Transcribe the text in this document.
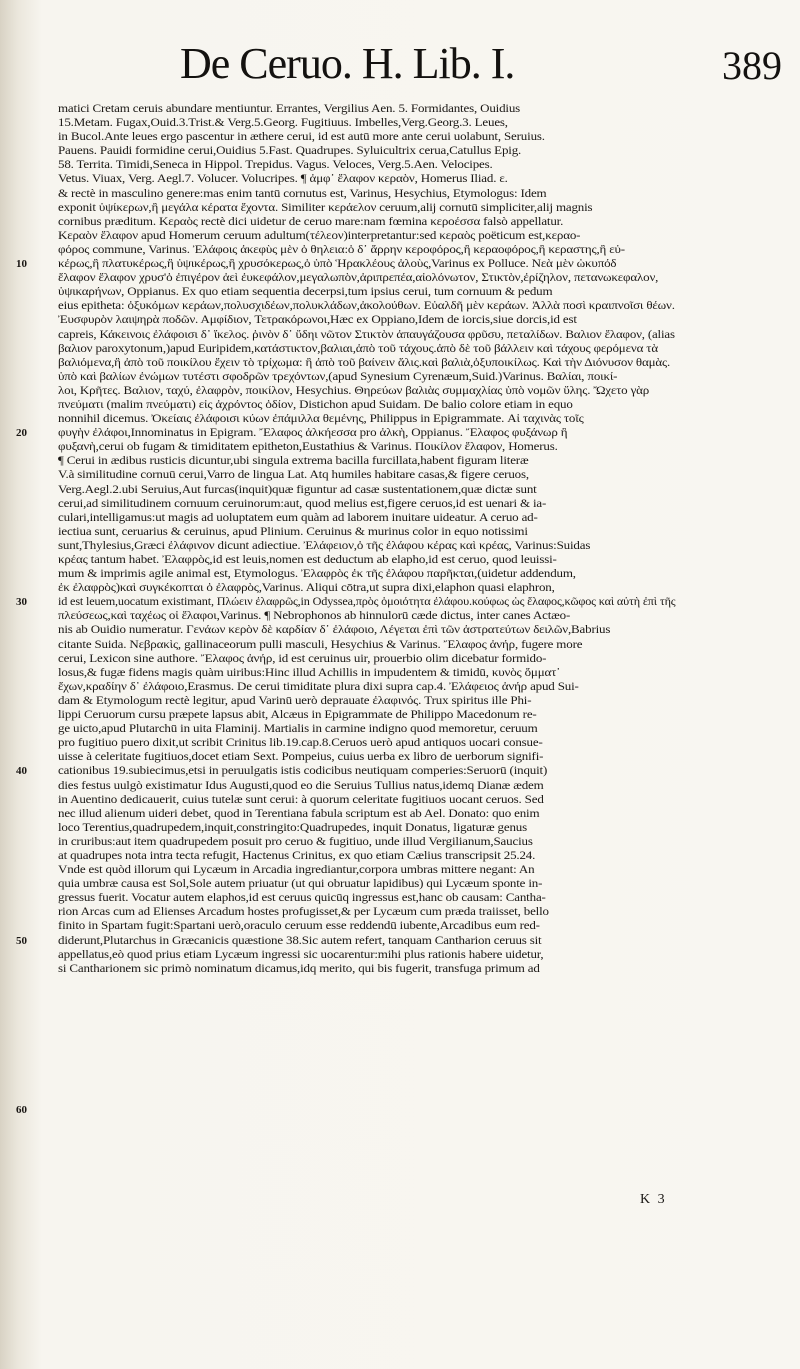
De Ceruo. H. Lib. I.	389
10
20
30
40
50
60
matici Cretam ceruis abundare mentiuntur. Errantes, Vergilius Aen. 5. Formidantes, Ouidius
15.Metam. Fugax,Ouid.3.Trist.& Verg.5.Georg. Fugitiuus. Imbelles,Verg.Georg.3. Leues,
in Bucol.Ante leues ergo pascentur in æthere cerui, id est autū more ante cerui uolabunt, Seruius.
Pauens. Pauidi formidine cerui,Ouidius 5.Fast. Quadrupes. Syluicultrix cerua,Catullus Epig.
58. Territa. Timidi,Seneca in Hippol. Trepidus. Vagus. Veloces, Verg.5.Aen. Velocipes.
Vetus. Viuax, Verg. Aegl.7. Volucer. Volucripes. ¶ ἀμφ᾽ ἔλαφον κεραὸν, Homerus Iliad. ε.
& rectè in masculino genere:mas enim tantū cornutus est, Varinus, Hesychius, Etymologus: Idem
exponit ὑψίκερων,ἢ μεγάλα κέρατα ἔχοντα. Similiter κεράελον ceruum,alij cornutū simpliciter,alij magnis
cornibus præditum. Κεραὸς rectè dici uidetur de ceruo mare:nam fœmina κεροέσσα falsò appellatur.
Κεραὸν ἔλαφον apud Homerum ceruum adultum(τέλεον)interpretantur:sed κεραὸς poëticum est,κεραο-
φόρος commune, Varinus. Ἐλάφοις ἀκεφὺς μὲν ὁ θηλεια:ὁ δ᾽ ἄρρην κεροφόρος,ἢ κεραοφόρος,ἢ κεραστης,ἢ εὐ-
κέρως,ἢ πλατυκέρως,ἢ ὑψικέρως,ἢ χρυσόκερως,ὁ ὑπὸ Ἡρακλέους ἁλοὺς,Varinus ex Polluce. Νεὰ μὲν ὠκυπόδ
ἔλαφον ἔλαφον χρυσ'ὁ ἐπιγέρον ἀεὶ ἐυκεφάλον,μεγαλωπὸν,ἀριπρεπέα,αἰολόνωτον, Στικτὸν,ἐρίζηλον, πετανωκεφαλον,
ὑψικαρήνων, Oppianus. Ex quo etiam sequentia decerpsi,tum ipsius cerui, tum cornuum & pedum
eius epitheta: ὀξυκόμων κεράων,πολυσχιδέων,πολυκλάδων,ἀκολούθων. Εὐαλδῆ μὲν κεράων. Ἀλλὰ ποσὶ κραιπνοῖσι θέων.
Ἐυσφυρὸν λαιψηρὰ ποδῶν. Αμφίδιον, Τετρακόρωνοι,Hæc ex Oppiano,Idem de iorcis,siue dorcis,id est
capreis, Κάκεινοις ἐλάφοισι δ᾽ ἴκελος. ῥινὸν δ᾽ ὕδηι νῶτον Στικτὸν ἀπαυγάζουσα φρῦσυ, πεταλίδων. Βαλιον ἔλαφον, (alias
βαλιον paroxytonum,)apud Euripidem,κατάστικτον,βαλιαι,ἀπὸ τοῦ τάχους.ἀπὸ δὲ τοῦ βάλλειν καὶ τάχους φερόμενα τὰ
βαλιόμενα,ἢ ἀπὸ τοῦ ποικίλου ἔχειν τὸ τρίχωμα: ἢ ἀπὸ τοῦ βαίνειν ἅλις.καὶ βαλιὰ,ὀξυποικίλως. Καὶ τὴν Διόνυσον θαμὰς.
ὑπὸ καὶ βαλίων ἐνώμων τυτέστι σφοδρῶν τρεχόντων,(apud Synesium Cyrenæum,Suid.)Varinus. Βαλίαι, ποικί-
λοι, Κρῆτες. Βαλιον, ταχύ, ἐλαφρὸν, ποικίλον, Hesychius. Θηρεύων βαλιὰς συμμαχλίας ὑπὸ νομῶν ὕλης. Ὤχετο γὰρ
πνεύματι (malim πνεύματι) εἰς ἀχρόντος ὁδίον, Distichon apud Suidam. De balio colore etiam in equo
nonnihil dicemus. Ὀκείαις ἐλάφοισι κύων ἐπάμιλλα θεμένης, Philippus in Epigrammate. Αἱ ταχινὰς τοῖς
φυγὴν ἐλάφοι,Innominatus in Epigram. Ἔλαφος ἀλκήεσσα pro ἀλκὴ, Oppianus. Ἔλαφος φυξάνωρ ἢ
φυξανὴ,cerui ob fugam & timiditatem epitheton,Eustathius & Varinus. Ποικίλον ἔλαφον, Homerus.
¶ Cerui in ædibus rusticis dicuntur,ubi singula extrema bacilla furcillata,habent figuram literæ
V.à similitudine cornuū cerui,Varro de lingua Lat. Atq humiles habitare casas,& figere ceruos,
Verg.Aegl.2.ubi Seruius,Aut furcas(inquit)quæ figuntur ad casæ sustentationem,quæ dictæ sunt
cerui,ad similitudinem cornuum ceruinorum:aut, quod melius est,figere ceruos,id est uenari & ia-
culari,intelligamus:ut magis ad uoluptatem eum quàm ad laborem inuitare uideatur. A ceruo ad-
iectiua sunt, ceruarius & ceruinus, apud Plinium. Ceruinus & murinus color in equo notissimi
sunt,Thylesius,Græci ἐλάφινον dicunt adiectiue. Ἐλάφειον,ὁ τῆς ἐλάφου κέρας καὶ κρέας, Varinus:Suidas
κρέας tantum habet. Ἐλαφρὸς,id est leuis,nomen est deductum ab elapho,id est ceruo, quod leuissi-
mum & imprimis agile animal est, Etymologus. Ἐλαφρὸς ἐκ τῆς ἐλάφου παρῆκται,(uidetur addendum,
ἐκ ἐλαφρὸς)καὶ συγκέκοπται ὁ ἐλαφρὸς,Varinus. Aliqui cōtra,ut supra dixi,elaphon quasi elaphron,
id est leuem,uocatum existimant, Πλώειν ἐλαφρῶς,in Odyssea,πρὸς ὁμοιότητα ἐλάφου.κούφως ὡς ἔλαφος,κῶφος καὶ αὐτὴ ἐπὶ τῆς
πλεύσεως,καὶ ταχέως οἱ ἔλαφοι,Varinus. ¶ Nebrophonos ab hinnulorū cæde dictus, inter canes Actæo-
nis ab Ouidio numeratur. Γενάων κερὸν δὲ καρδίαν δ᾽ ἐλάφοιο, Λέγεται ἐπὶ τῶν ἀστρατεύτων δειλῶν,Babrius
citante Suida. Νεβρακὶς, gallinaceorum pulli masculi, Hesychius & Varinus. Ἔλαφος ἀνήρ, fugere more
cerui, Lexicon sine authore. Ἔλαφος ἀνήρ, id est ceruinus uir, prouerbio olim dicebatur formido-
losus,& fugæ fidens magis quàm uiribus:Hinc illud Achillis in impudentem & timidū, κυνὸς ὄμματ᾽
ἔχων,κραδίην δ᾽ ἐλάφοιο,Erasmus. De cerui timiditate plura dixi supra cap.4. Ἐλάφειος ἀνήρ apud Sui-
dam & Etymologum rectè legitur, apud Varinū uerò deprauate ἐλαφινός. Trux spiritus ille Phi-
lippi Ceruorum cursu præpete lapsus abit, Alcæus in Epigrammate de Philippo Macedonum re-
ge uicto,apud Plutarchū in uita Flaminij. Martialis in carmine indigno quod memoretur, ceruum
pro fugitiuo puero dixit,ut scribit Crinitus lib.19.cap.8.Ceruos uerò apud antiquos uocari consue-
uisse à celeritate fugitiuos,docet etiam Sext. Pompeius, cuius uerba ex libro de uerborum signifi-
cationibus 19.subiecimus,etsi in peruulgatis istis codicibus neutiquam comperies:Seruorū (inquit)
dies festus uulgò existimatur Idus Augusti,quod eo die Seruius Tullius natus,idemq Dianæ ædem
in Auentino dedicauerit, cuius tutelæ sunt cerui: à quorum celeritate fugitiuos uocant ceruos. Sed
nec illud alienum uideri debet, quod in Terentiana fabula scriptum est ab Ael. Donato: quo enim
loco Terentius,quadrupedem,inquit,constringito:Quadrupedes, inquit Donatus, ligaturæ genus
in cruribus:aut item quadrupedem posuit pro ceruo & fugitiuo, unde illud Vergilianum,Saucius
at quadrupes nota intra tecta refugit, Hactenus Crinitus, ex quo etiam Cælius transcripsit 25.24.
Vnde est quòd illorum qui Lycæum in Arcadia ingrediantur,corpora umbras mittere negant: An
quia umbræ causa est Sol,Sole autem priuatur (ut qui obruatur lapidibus) qui Lycæum sponte in-
gressus fuerit. Vocatur autem elaphos,id est ceruus quicūq ingressus est,hanc ob causam: Cantha-
rion Arcas cum ad Elienses Arcadum hostes profugisset,& per Lycæum cum præda traiisset, bello
finito in Spartam fugit:Spartani uerò,oraculo ceruum esse reddendū iubente,Arcadibus eum red-
diderunt,Plutarchus in Græcanicis quæstione 38.Sic autem refert, tanquam Cantharion ceruus sit
appellatus,eò quod prius etiam Lycæum ingressi sic uocarentur:mihi plus rationis habere uidetur,
si Cantharionem sic primò nominatum dicamus,idq merito, qui bis fugerit, transfuga primum ad
K 3
